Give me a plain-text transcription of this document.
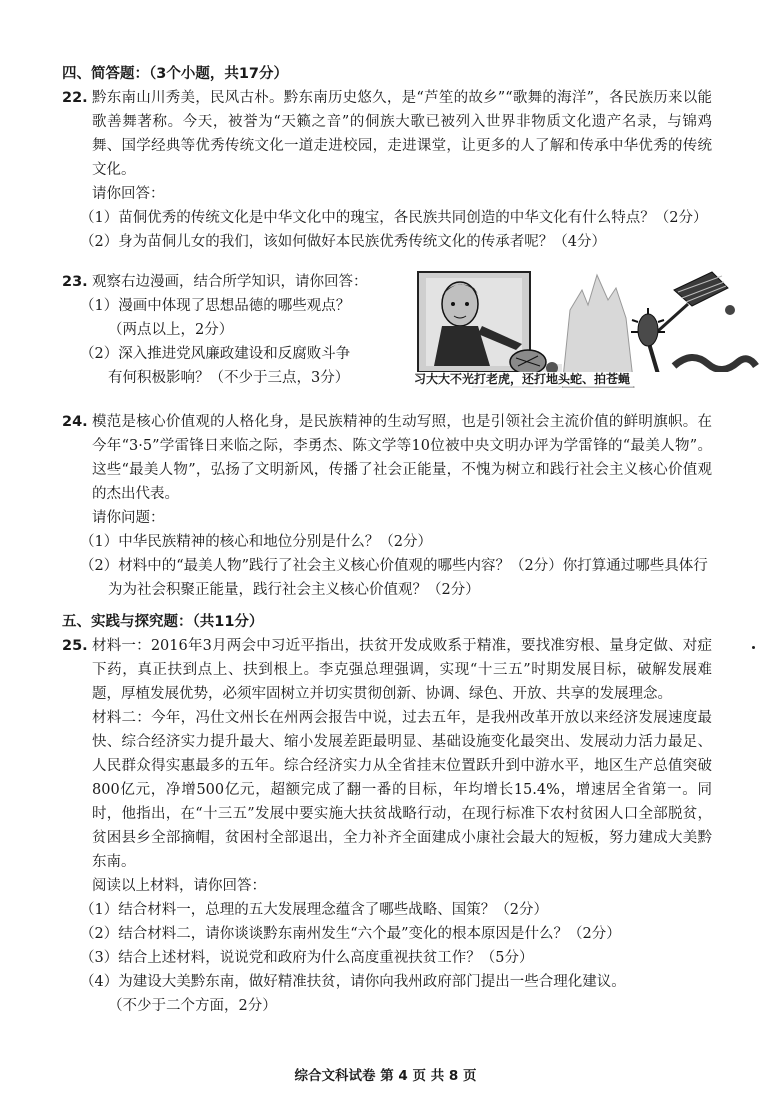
四、简答题：（3个小题，共17分）

22. 黔东南山川秀美，民风古朴。黔东南历史悠久，是“芦笙的故乡”“歌舞的海洋”，各民族历来以能歌善舞著称。今天，被誉为“天籁之音”的侗族大歌已被列入世界非物质文化遗产名录，与锦鸡舞、国学经典等优秀传统文化一道走进校园，走进课堂，让更多的人了解和传承中华优秀的传统文化。

请你回答：

（1）苗侗优秀的传统文化是中华文化中的瑰宝，各民族共同创造的中华文化有什么特点？（2分）

（2）身为苗侗儿女的我们，该如何做好本民族优秀传统文化的传承者呢？（4分）

23. 观察右边漫画，结合所学知识，请你回答：

（1）漫画中体现了思想品德的哪些观点？

（两点以上，2分）

（2）深入推进党风廉政建设和反腐败斗争

有何积极影响？（不少于三点，3分）	习大大不光打老虎，还打地头蛇、拍苍蝇
24. 模范是核心价值观的人格化身，是民族精神的生动写照，也是引领社会主流价值的鲜明旗帜。在今年“3·5”学雷锋日来临之际，李勇杰、陈文学等10位被中央文明办评为学雷锋的“最美人物”。这些“最美人物”，弘扬了文明新风，传播了社会正能量，不愧为树立和践行社会主义核心价值观的杰出代表。

请你问题：

（1）中华民族精神的核心和地位分别是什么？（2分）

（2）材料中的“最美人物”践行了社会主义核心价值观的哪些内容？（2分）你打算通过哪些具体行为为社会积聚正能量，践行社会主义核心价值观？（2分）

五、实践与探究题：（共11分）

25. 材料一：2016年3月两会中习近平指出，扶贫开发成败系于精准，要找准穷根、量身定做、对症下药，真正扶到点上、扶到根上。李克强总理强调，实现“十三五”时期发展目标，破解发展难题，厚植发展优势，必须牢固树立并切实贯彻创新、协调、绿色、开放、共享的发展理念。

材料二：今年，冯仕文州长在州两会报告中说，过去五年，是我州改革开放以来经济发展速度最快、综合经济实力提升最大、缩小发展差距最明显、基础设施变化最突出、发展动力活力最足、人民群众得实惠最多的五年。综合经济实力从全省挂末位置跃升到中游水平，地区生产总值突破800亿元，净增500亿元，超额完成了翻一番的目标，年均增长15.4%，增速居全省第一。同时，他指出，在“十三五”发展中要实施大扶贫战略行动，在现行标准下农村贫困人口全部脱贫，贫困县乡全部摘帽，贫困村全部退出，全力补齐全面建成小康社会最大的短板，努力建成大美黔东南。

阅读以上材料，请你回答：

（1）结合材料一，总理的五大发展理念蕴含了哪些战略、国策？（2分）

（2）结合材料二，请你谈谈黔东南州发生“六个最”变化的根本原因是什么？（2分）

（3）结合上述材料，说说党和政府为什么高度重视扶贫工作？（5分）

（4）为建设大美黔东南，做好精准扶贫，请你向我州政府部门提出一些合理化建议。

（不少于二个方面，2分）

综合文科试卷 第 4 页 共 8 页
